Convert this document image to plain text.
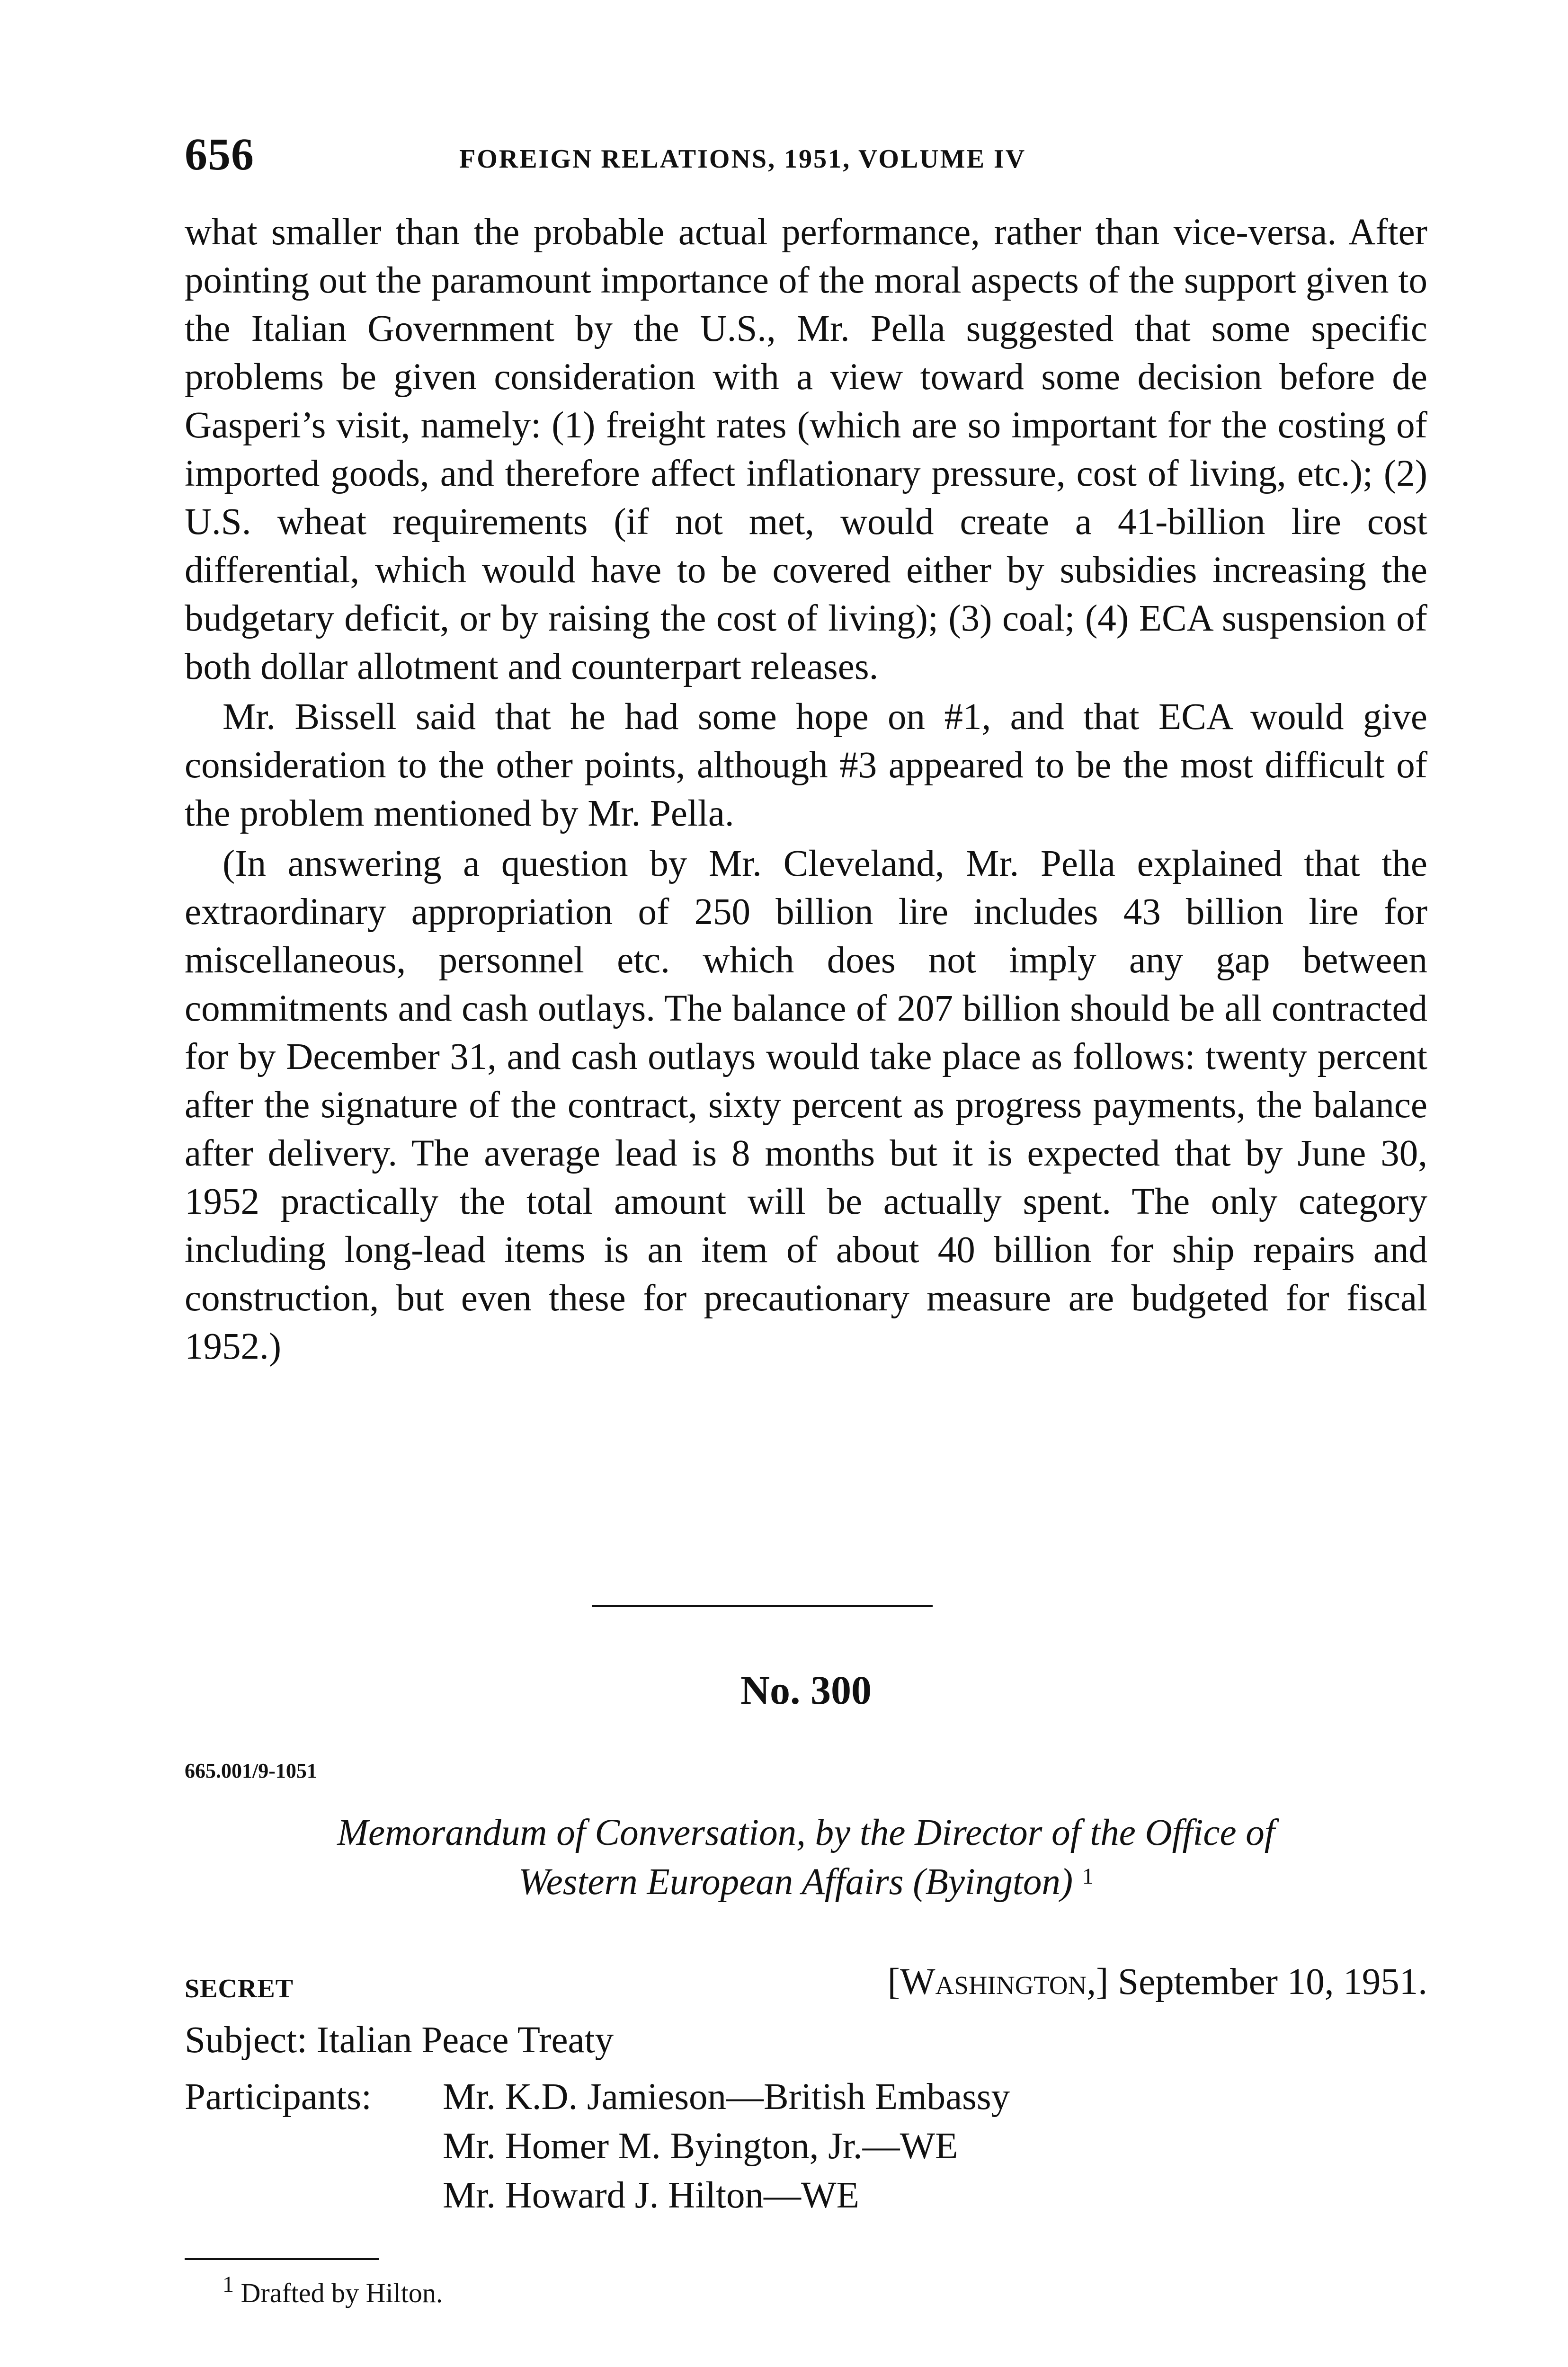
656	FOREIGN RELATIONS, 1951, VOLUME IV

what smaller than the probable actual performance, rather than vice-versa. After pointing out the paramount importance of the moral aspects of the support given to the Italian Government by the U.S., Mr. Pella suggested that some specific problems be given consideration with a view toward some decision before de Gasperi’s visit, namely: (1) freight rates (which are so important for the costing of imported goods, and therefore affect inflationary pressure, cost of living, etc.); (2) U.S. wheat requirements (if not met, would create a 41-billion lire cost differential, which would have to be covered either by subsidies increasing the budgetary deficit, or by raising the cost of living); (3) coal; (4) ECA suspension of both dollar allotment and counterpart releases.

Mr. Bissell said that he had some hope on #1, and that ECA would give consideration to the other points, although #3 appeared to be the most difficult of the problem mentioned by Mr. Pella.

(In answering a question by Mr. Cleveland, Mr. Pella explained that the extraordinary appropriation of 250 billion lire includes 43 billion lire for miscellaneous, personnel etc. which does not imply any gap between commitments and cash outlays. The balance of 207 billion should be all contracted for by December 31, and cash outlays would take place as follows: twenty percent after the signature of the contract, sixty percent as progress payments, the balance after delivery. The average lead is 8 months but it is expected that by June 30, 1952 practically the total amount will be actually spent. The only category including long-lead items is an item of about 40 billion for ship repairs and construction, but even these for precautionary measure are budgeted for fiscal 1952.)

No. 300
665.001/9-1051
Memorandum of Conversation, by the Director of the Office of
Western European Affairs (Byington) $^1$
SECRET	[Washington,] September 10, 1951.
Subject: Italian Peace Treaty
Participants: Mr. K.D. Jamieson—British Embassy
Mr. Homer M. Byington, Jr.—WE
Mr. Howard J. Hilton—WE
$^1$ Drafted by Hilton.
